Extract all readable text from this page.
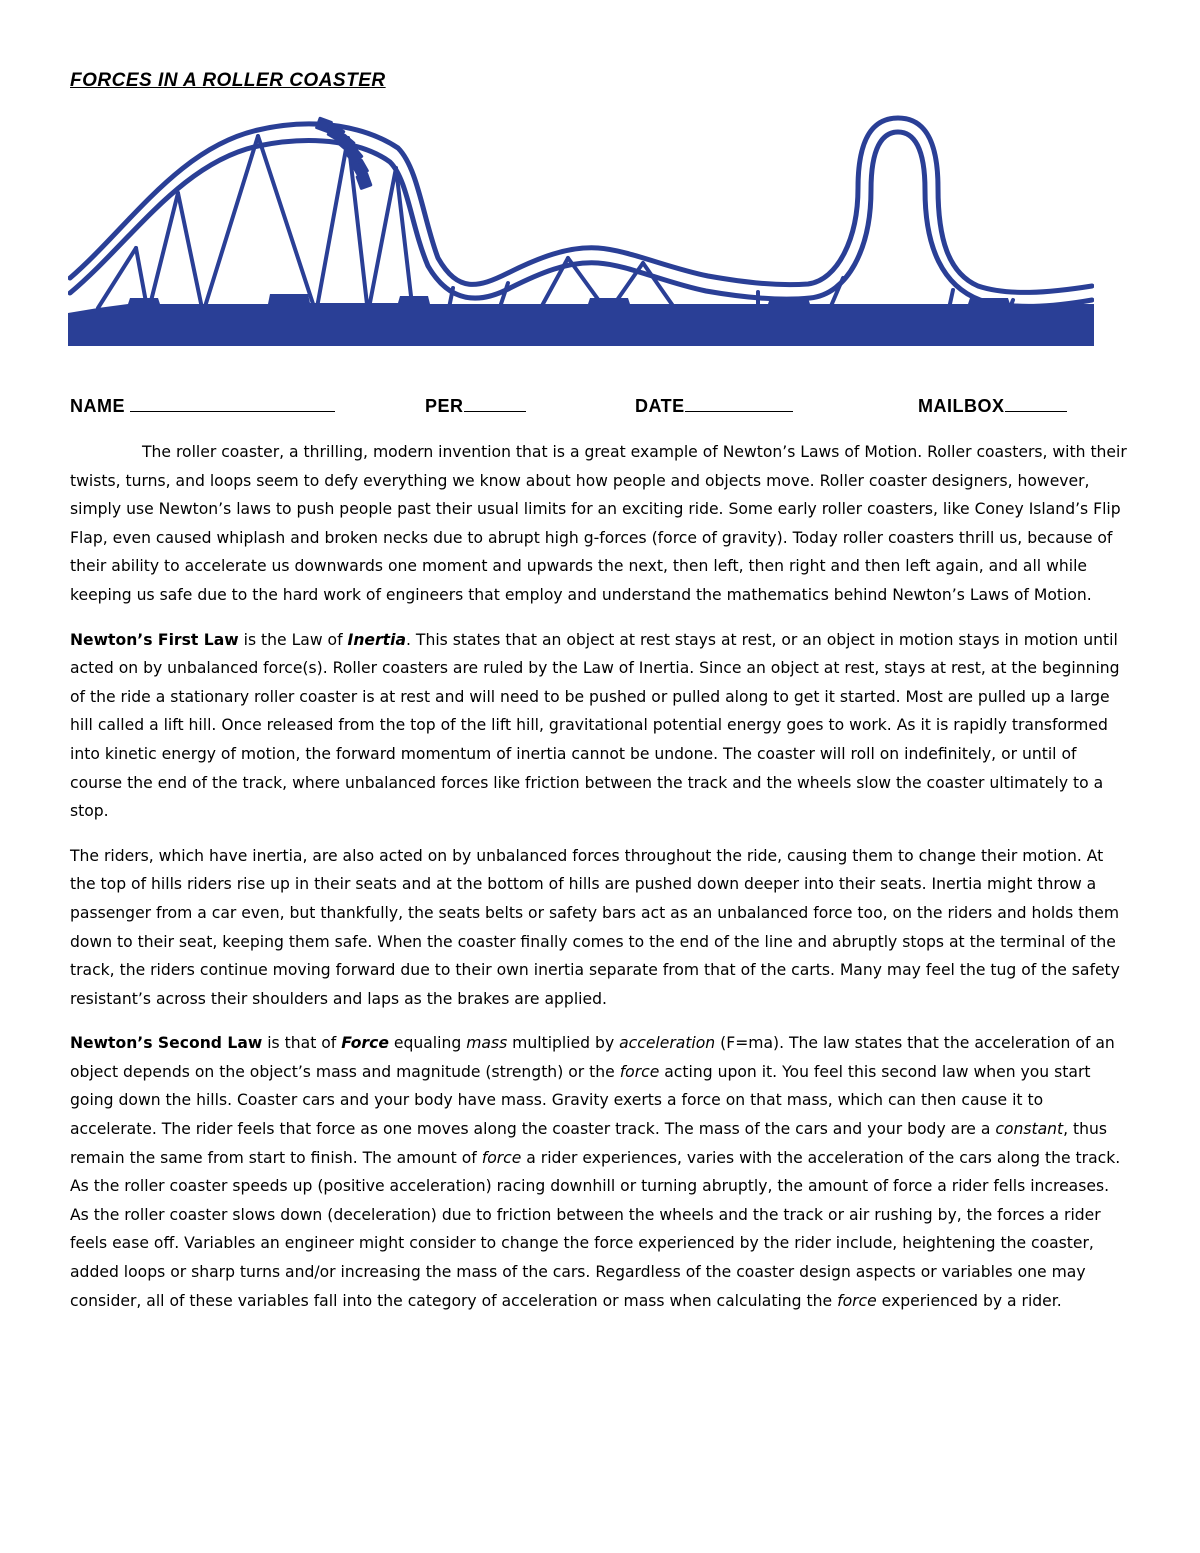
FORCES IN A ROLLER COASTER
NAME	PER	DATE	MAILBOX

The roller coaster, a thrilling, modern invention that is a great example of Newton’s Laws of Motion. Roller coasters, with their twists, turns, and loops seem to defy everything we know about how people and objects move. Roller coaster designers, however, simply use Newton’s laws to push people past their usual limits for an exciting ride. Some early roller coasters, like Coney Island’s Flip Flap, even caused whiplash and broken necks due to abrupt high g-forces (force of gravity). Today roller coasters thrill us, because of their ability to accelerate us downwards one moment and upwards the next, then left, then right and then left again, and all while keeping us safe due to the hard work of engineers that employ and understand the mathematics behind Newton’s Laws of Motion.

Newton’s First Law is the Law of Inertia. This states that an object at rest stays at rest, or an object in motion stays in motion until acted on by unbalanced force(s). Roller coasters are ruled by the Law of Inertia. Since an object at rest, stays at rest, at the beginning of the ride a stationary roller coaster is at rest and will need to be pushed or pulled along to get it started. Most are pulled up a large hill called a lift hill. Once released from the top of the lift hill, gravitational potential energy goes to work. As it is rapidly transformed into kinetic energy of motion, the forward momentum of inertia cannot be undone. The coaster will roll on indefinitely, or until of course the end of the track, where unbalanced forces like friction between the track and the wheels slow the coaster ultimately to a stop.

The riders, which have inertia, are also acted on by unbalanced forces throughout the ride, causing them to change their motion. At the top of hills riders rise up in their seats and at the bottom of hills are pushed down deeper into their seats. Inertia might throw a passenger from a car even, but thankfully, the seats belts or safety bars act as an unbalanced force too, on the riders and holds them down to their seat, keeping them safe. When the coaster finally comes to the end of the line and abruptly stops at the terminal of the track, the riders continue moving forward due to their own inertia separate from that of the carts. Many may feel the tug of the safety resistant’s across their shoulders and laps as the brakes are applied.

Newton’s Second Law is that of Force equaling mass multiplied by acceleration (F=ma). The law states that the acceleration of an object depends on the object’s mass and magnitude (strength) or the force acting upon it. You feel this second law when you start going down the hills. Coaster cars and your body have mass. Gravity exerts a force on that mass, which can then cause it to accelerate. The rider feels that force as one moves along the coaster track. The mass of the cars and your body are a constant, thus remain the same from start to finish. The amount of force a rider experiences, varies with the acceleration of the cars along the track. As the roller coaster speeds up (positive acceleration) racing downhill or turning abruptly, the amount of force a rider fells increases. As the roller coaster slows down (deceleration) due to friction between the wheels and the track or air rushing by, the forces a rider feels ease off. Variables an engineer might consider to change the force experienced by the rider include, heightening the coaster, added loops or sharp turns and/or increasing the mass of the cars. Regardless of the coaster design aspects or variables one may consider, all of these variables fall into the category of acceleration or mass when calculating the force experienced by a rider.
